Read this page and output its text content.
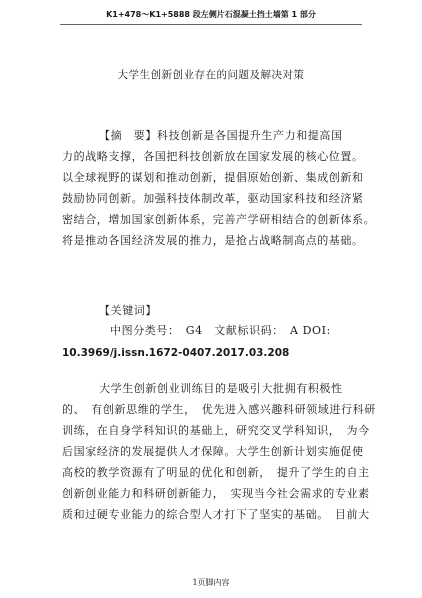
K1+478～K1+5888 段左侧片石混凝土挡土墙第 1 部分
大学生创新创业存在的问题及解决对策
【摘　要】科技创新是各国提升生产力和提高国
力的战略支撑，各国把科技创新放在国家发展的核心位置。
以全球视野的谋划和推动创新，提倡原始创新、集成创新和
鼓励协同创新。加强科技体制改革，驱动国家科技和经济紧
密结合，增加国家创新体系，完善产学研相结合的创新体系。
将是推动各国经济发展的推力，是抢占战略制高点的基础。
【关键词】
中图分类号：　G4　文献标识码：　A DOI:
10.3969/j.issn.1672-0407.2017.03.208
大学生创新创业训练目的是吸引大批拥有积极性
的、　有创新思维的学生，　优先进入感兴趣科研领域进行科研
训练，在自身学科知识的基础上，研究交叉学科知识，　为今
后国家经济的发展提供人才保障。大学生创新计划实施促使
高校的教学资源有了明显的优化和创新，　提升了学生的自主
创新创业能力和科研创新能力，　实现当今社会需求的专业素
质和过硬专业能力的综合型人才打下了坚实的基础。　目前大
1页脚内容
